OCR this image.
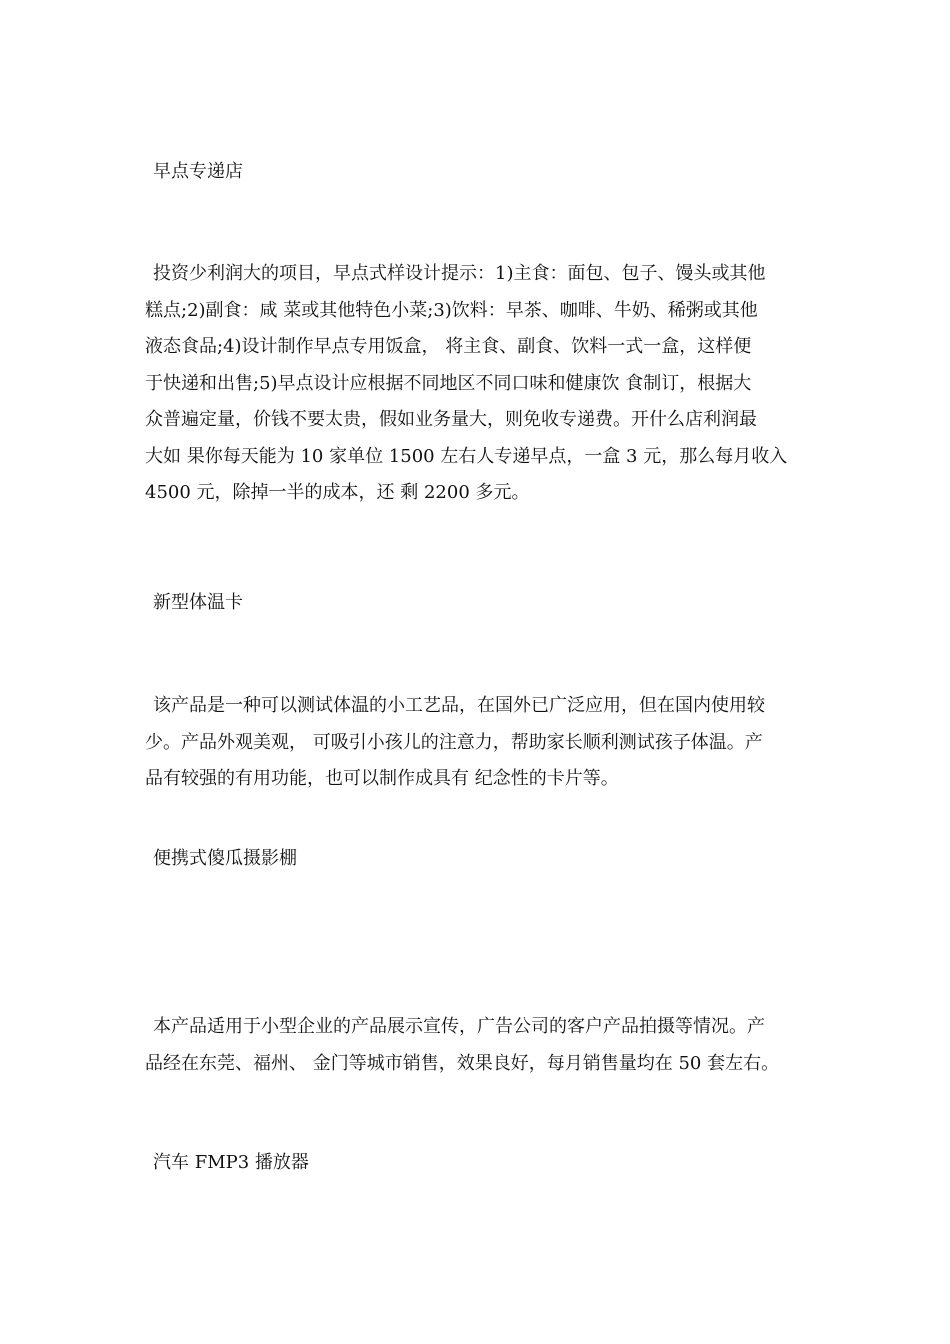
早点专递店
投资少利润大的项目，早点式样设计提示：1)主食：面包、包子、馒头或其他
糕点;2)副食：咸 菜或其他特色小菜;3)饮料：早茶、咖啡、牛奶、稀粥或其他
液态食品;4)设计制作早点专用饭盒， 将主食、副食、饮料一式一盒，这样便
于快递和出售;5)早点设计应根据不同地区不同口味和健康饮 食制订，根据大
众普遍定量，价钱不要太贵，假如业务量大，则免收专递费。开什么店利润最
大如 果你每天能为 10 家单位 1500 左右人专递早点，一盒 3 元，那么每月收入
4500 元，除掉一半的成本，还 剩 2200 多元。
新型体温卡
该产品是一种可以测试体温的小工艺品，在国外已广泛应用，但在国内使用较
少。产品外观美观， 可吸引小孩儿的注意力，帮助家长顺利测试孩子体温。产
品有较强的有用功能，也可以制作成具有 纪念性的卡片等。
便携式傻瓜摄影棚
本产品适用于小型企业的产品展示宣传，广告公司的客户产品拍摄等情况。产
品经在东莞、福州、 金门等城市销售，效果良好，每月销售量均在 50 套左右。
汽车 FMP3 播放器
